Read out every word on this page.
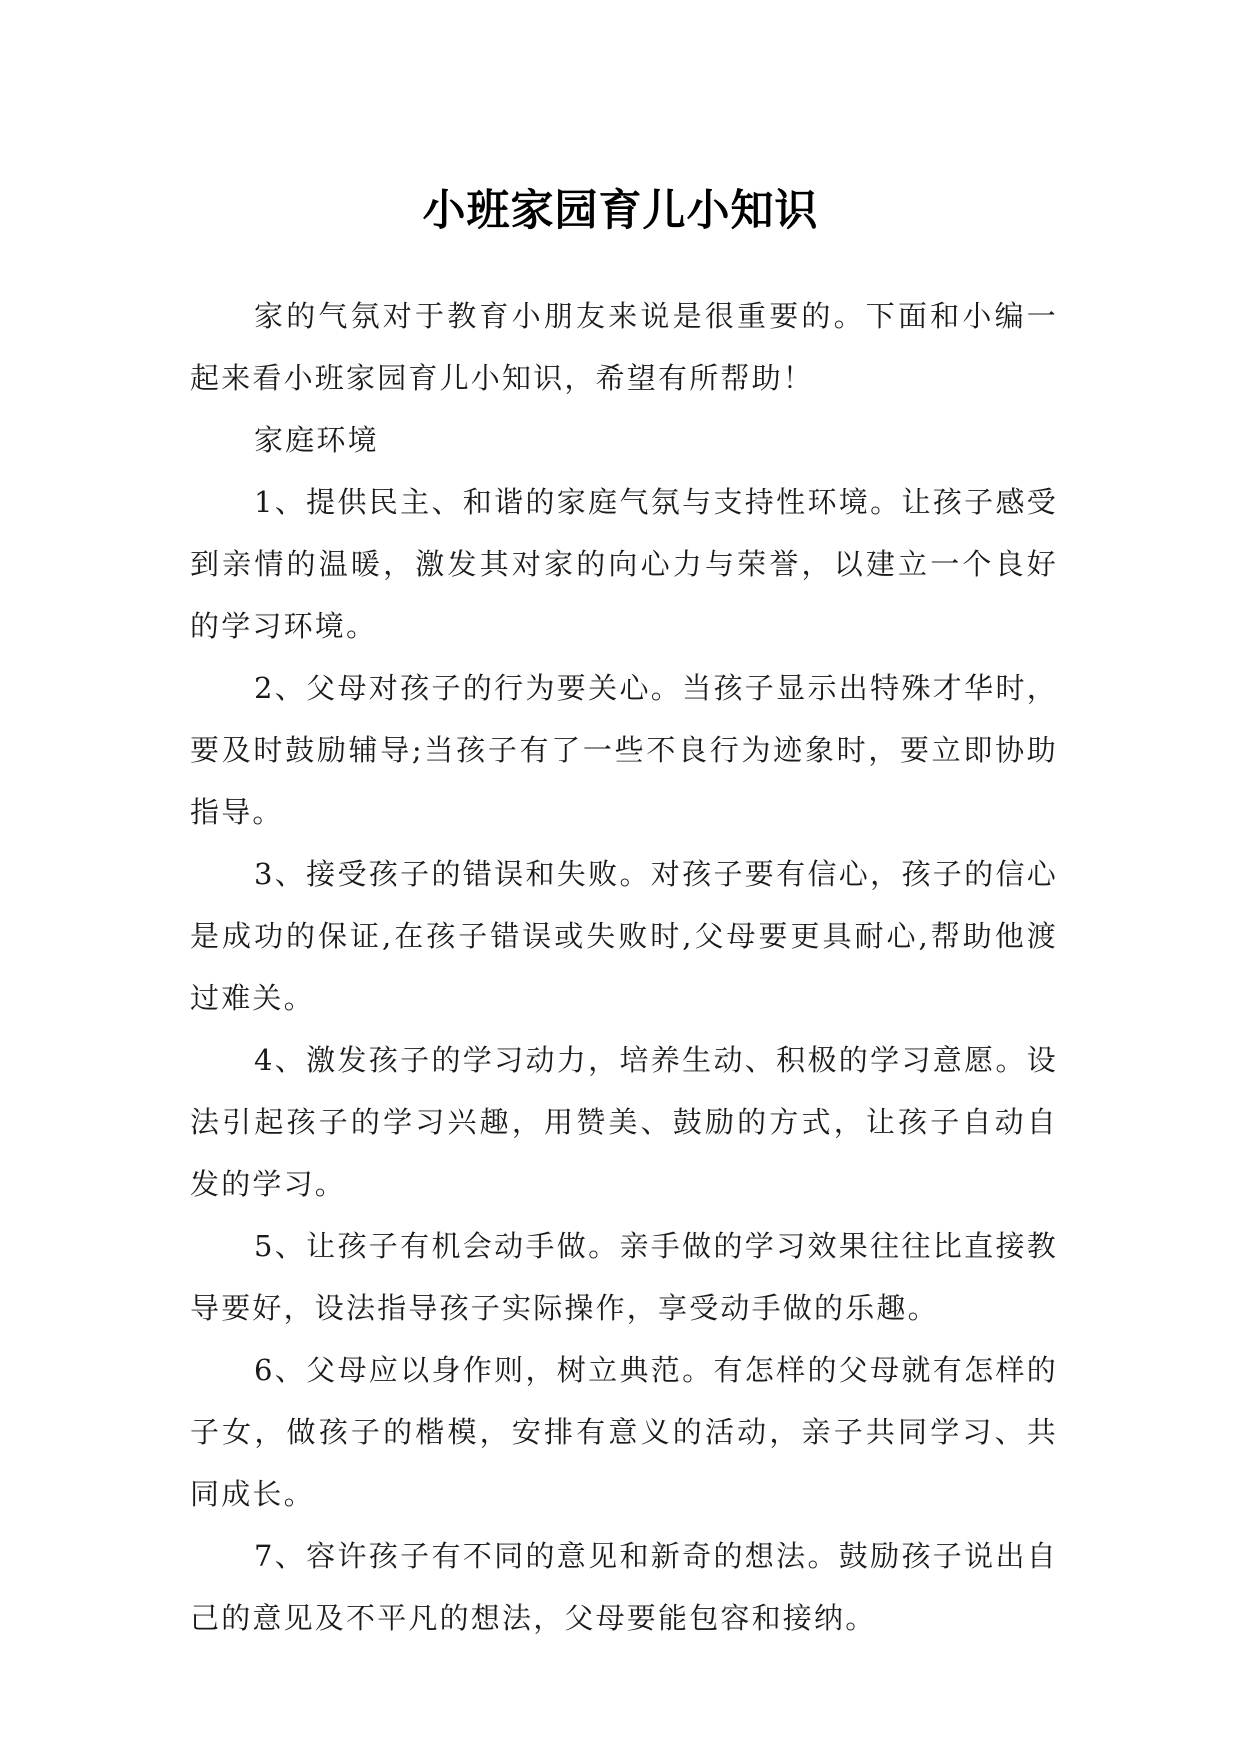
小班家园育儿小知识

家的气氛对于教育小朋友来说是很重要的。下面和小编一起来看小班家园育儿小知识，希望有所帮助！

家庭环境

1、提供民主、和谐的家庭气氛与支持性环境。让孩子感受到亲情的温暖，激发其对家的向心力与荣誉，以建立一个良好的学习环境。

2、父母对孩子的行为要关心。当孩子显示出特殊才华时，要及时鼓励辅导;当孩子有了一些不良行为迹象时，要立即协助指导。

3、接受孩子的错误和失败。对孩子要有信心，孩子的信心是成功的保证,在孩子错误或失败时,父母要更具耐心,帮助他渡过难关。

4、激发孩子的学习动力，培养生动、积极的学习意愿。设法引起孩子的学习兴趣，用赞美、鼓励的方式，让孩子自动自发的学习。

5、让孩子有机会动手做。亲手做的学习效果往往比直接教导要好，设法指导孩子实际操作，享受动手做的乐趣。

6、父母应以身作则，树立典范。有怎样的父母就有怎样的子女，做孩子的楷模，安排有意义的活动，亲子共同学习、共同成长。

7、容许孩子有不同的意见和新奇的想法。鼓励孩子说出自己的意见及不平凡的想法，父母要能包容和接纳。
